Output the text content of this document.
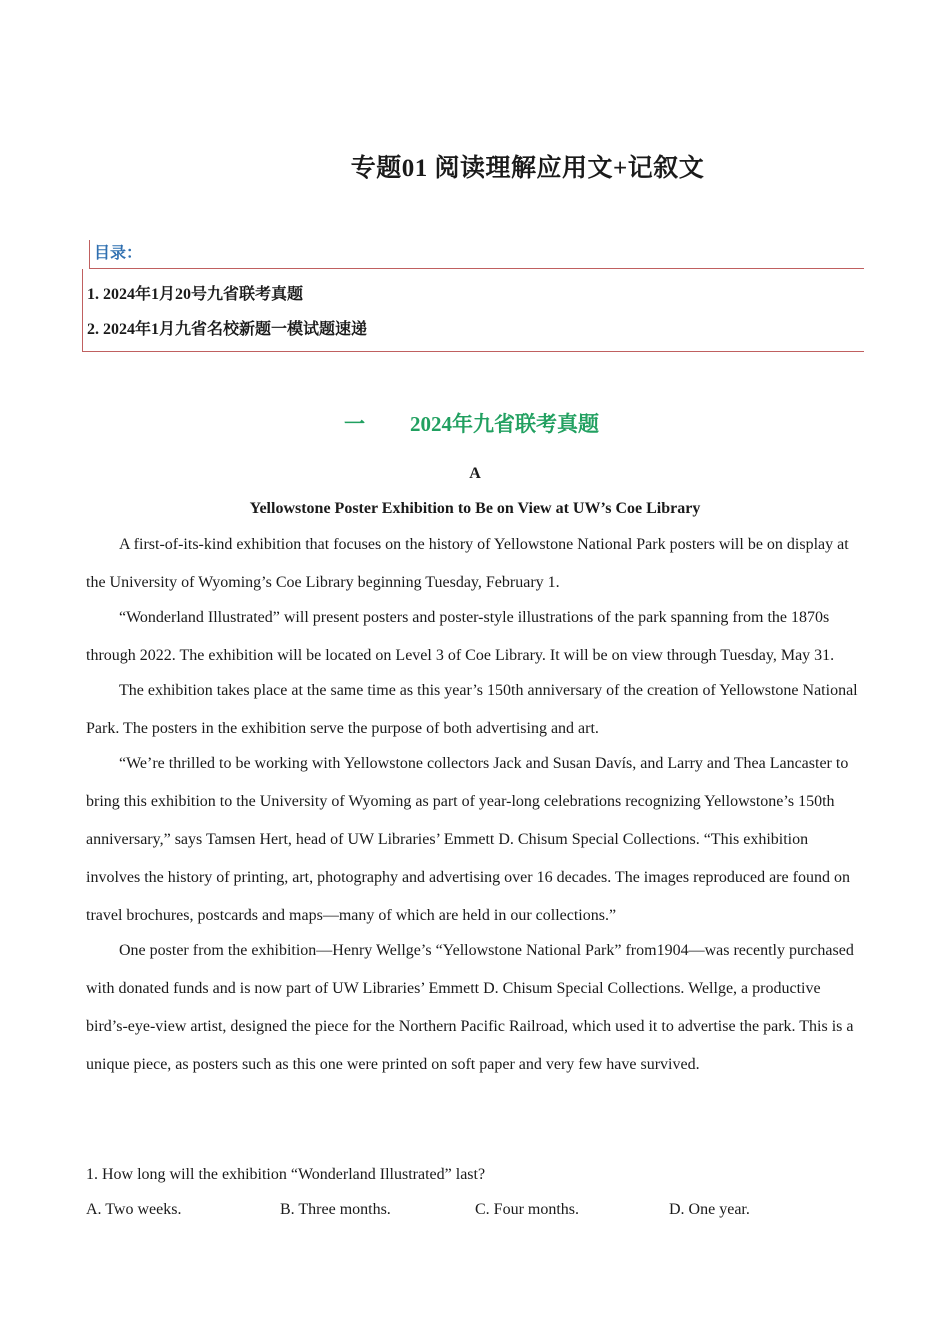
专题01 阅读理解应用文+记叙文
目录：
1. 2024年1月20号九省联考真题
2. 2024年1月九省名校新题一模试题速递
一 2024年九省联考真题
A
Yellowstone Poster Exhibition to Be on View at UW’s Coe Library

A first-of-its-kind exhibition that focuses on the history of Yellowstone National Park posters will be on display at the University of Wyoming’s Coe Library beginning Tuesday, February 1.

“Wonderland Illustrated” will present posters and poster-style illustrations of the park spanning from the 1870s through 2022. The exhibition will be located on Level 3 of Coe Library. It will be on view through Tuesday, May 31.

The exhibition takes place at the same time as this year’s 150th anniversary of the creation of Yellowstone National Park. The posters in the exhibition serve the purpose of both advertising and art.

“We’re thrilled to be working with Yellowstone collectors Jack and Susan Davís, and Larry and Thea Lancaster to bring this exhibition to the University of Wyoming as part of year-long celebrations recognizing Yellowstone’s 150th anniversary,” says Tamsen Hert, head of UW Libraries’ Emmett D. Chisum Special Collections. “This exhibition involves the history of printing, art, photography and advertising over 16 decades. The images reproduced are found on travel brochures, postcards and maps—many of which are held in our collections.”

One poster from the exhibition—Henry Wellge’s “Yellowstone National Park” from1904—was recently purchased with donated funds and is now part of UW Libraries’ Emmett D. Chisum Special Collections. Wellge, a productive bird’s-eye-view artist, designed the piece for the Northern Pacific Railroad, which used it to advertise the park. This is a unique piece, as posters such as this one were printed on soft paper and very few have survived.

1. How long will the exhibition “Wonderland Illustrated” last?
A. Two weeks.	B. Three months.	C. Four months.	D. One year.
